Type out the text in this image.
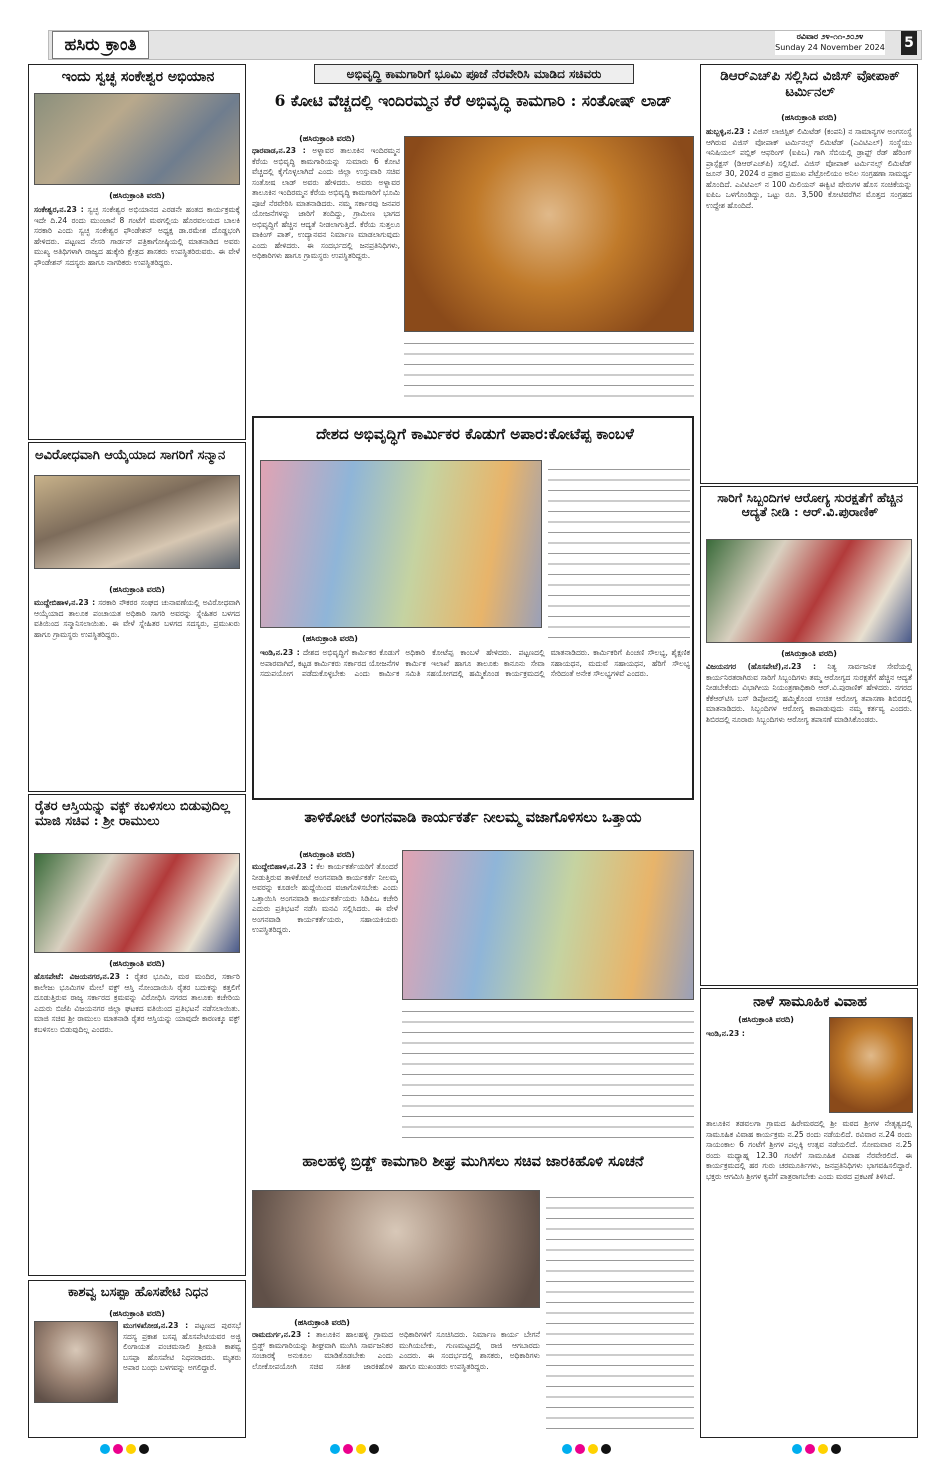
ಹಸಿರು ಕ್ರಾಂತಿ	ರವಿವಾರ ೨೪-೧೧-೨೦೨೪
Sunday 24 November 2024 5
ಇಂದು ಸ್ವಚ್ಛ ಸಂಕೇಶ್ವರ ಅಭಿಯಾನ
(ಹಸಿರುಕ್ರಾಂತಿ ವರದಿ)
ಸಂಕೇಶ್ವರ,ನ.23 : ಸ್ವಚ್ಛ ಸಂಕೇಶ್ವರ ಅಭಿಯಾನದ ಎರಡನೇ ಹಂತದ ಕಾರ್ಯಕ್ರಮಕ್ಕೆ ಇದೇ ದಿ.24 ರಂದು ಮುಂಜಾನೆ 8 ಗಂಟೆಗೆ ಮಠಗಲ್ಲಿಯ ಹೊರವಲಯದ ಬಾಲಕಿ ಸರಕಾರಿ ಎಂದು ಸ್ವಚ್ಛ ಸಂಕೇಶ್ವರ ಫೌಂಡೇಶನ್ ಅಧ್ಯಕ್ಷ ಡಾ.ರಮೇಶ ದೊಡ್ಡಭಂಗಿ ಹೇಳಿದರು. ಪಟ್ಟಣದ ನೇಸರಿ ಗಾರ್ಡನ್ ಪತ್ರಿಕಾಗೋಷ್ಠಿಯಲ್ಲಿ ಮಾತನಾಡಿದ ಅವರು ಮುಖ್ಯ ಅತಿಥಿಗಳಾಗಿ ರಾಜ್ಯದ ಹುಕ್ಕೇರಿ ಕ್ಷೇತ್ರದ ಶಾಸಕರು ಉಪಸ್ಥಿತರಿರುವರು. ಈ ವೇಳೆ ಫೌಂಡೇಶನ್ ಸದಸ್ಯರು ಹಾಗೂ ನಾಗರಿಕರು ಉಪಸ್ಥಿತರಿದ್ದರು.
ಅವಿರೋಧವಾಗಿ ಆಯ್ಕೆಯಾದ ಸಾಗರಿಗೆ ಸನ್ಮಾನ
(ಹಸಿರುಕ್ರಾಂತಿ ವರದಿ)
ಮುದ್ದೇಬಿಹಾಳ,ನ.23 : ಸರಕಾರಿ ನೌಕರರ ಸಂಘದ ಚುನಾವಣೆಯಲ್ಲಿ ಅವಿರೋಧವಾಗಿ ಆಯ್ಕೆಯಾದ ತಾಲೂಕ ಪಂಚಾಯತ ಅಧಿಕಾರಿ ಸಾಗರಿ ಅವರನ್ನು ಸ್ನೇಹಿತರ ಬಳಗದ ವತಿಯಿಂದ ಸನ್ಮಾನಿಸಲಾಯಿತು. ಈ ವೇಳೆ ಸ್ನೇಹಿತರ ಬಳಗದ ಸದಸ್ಯರು, ಪ್ರಮುಖರು ಹಾಗೂ ಗ್ರಾಮಸ್ಥರು ಉಪಸ್ಥಿತರಿದ್ದರು.
ರೈತರ ಆಸ್ತಿಯನ್ನು ವಕ್ಫ್ ಕಬಳಿಸಲು ಬಿಡುವುದಿಲ್ಲ ಮಾಜಿ ಸಚಿವ : ಶ್ರೀ ರಾಮುಲು
(ಹಸಿರುಕ್ರಾಂತಿ ವರದಿ)
ಹೊಸಪೇಟೆ: ವಿಜಯನಗರ,ನ.23 : ರೈತರ ಭೂಮಿ, ಮಠ ಮಂದಿರ, ಸರ್ಕಾರಿ ಕಾಲೇಜು ಭೂಮಿಗಳ ಮೇಲೆ ವಕ್ಫ್ ಆಸ್ತಿ ನೋಂದಾಯಿಸಿ ರೈತರ ಬದುಕನ್ನು ಕತ್ತಲಿಗೆ ದೂಡುತ್ತಿರುವ ರಾಜ್ಯ ಸರ್ಕಾರದ ಕ್ರಮವನ್ನು ವಿರೋಧಿಸಿ ನಗರದ ತಾಲೂಕು ಕಚೇರಿಯ ಎದುರು ಬಿಜೆಪಿ ವಿಜಯನಗರ ಜಿಲ್ಲಾ ಘಟಕದ ವತಿಯಿಂದ ಪ್ರತಿಭಟನೆ ನಡೆಸಲಾಯಿತು. ಮಾಜಿ ಸಚಿವ ಶ್ರೀ ರಾಮುಲು ಮಾತನಾಡಿ ರೈತರ ಆಸ್ತಿಯನ್ನು ಯಾವುದೇ ಕಾರಣಕ್ಕೂ ವಕ್ಫ್ ಕಬಳಿಸಲು ಬಿಡುವುದಿಲ್ಲ ಎಂದರು.
ಕಾಶವ್ವ ಬಸಪ್ಪಾ ಹೊಸಪೇಟಿ ನಿಧನ
(ಹಸಿರುಕ್ರಾಂತಿ ವರದಿ)
ಮುಗಳಖೋಡ,ನ.23 : ಪಟ್ಟಣದ ಪುರಸಭೆ ಸದಸ್ಯ ಪ್ರಕಾಶ ಬಸಪ್ಪ ಹೊಸಪೇಟಿಯವರ ಅಜ್ಜಿ ಲಿಂಗಾಯತ ಪಂಚಮಸಾಲಿ ಶ್ರೀಮತಿ ಕಾಶವ್ವ ಬಸಪ್ಪಾ ಹೊಸಪೇಟಿ ನಿಧನರಾದರು. ಮೃತರು ಅಪಾರ ಬಂಧು ಬಳಗವನ್ನು ಅಗಲಿದ್ದಾರೆ.
ಅಭಿವೃದ್ಧಿ ಕಾಮಗಾರಿಗೆ ಭೂಮಿ ಪೂಜೆ ನೆರವೇರಿಸಿ ಮಾಡಿದ ಸಚಿವರು
6 ಕೋಟಿ ವೆಚ್ಚದಲ್ಲಿ ಇಂದಿರಮ್ಮನ ಕೆರೆ ಅಭಿವೃದ್ಧಿ ಕಾಮಗಾರಿ : ಸಂತೋಷ್ ಲಾಡ್
(ಹಸಿರುಕ್ರಾಂತಿ ವರದಿ)
ಧಾರವಾಡ,ನ.23 : ಅಳ್ನಾವರ ತಾಲೂಕಿನ ಇಂದಿರಮ್ಮನ ಕೆರೆಯ ಅಭಿವೃದ್ಧಿ ಕಾಮಗಾರಿಯನ್ನು ಸುಮಾರು 6 ಕೋಟಿ ವೆಚ್ಚದಲ್ಲಿ ಕೈಗೊಳ್ಳಲಾಗಿದೆ ಎಂದು ಜಿಲ್ಲಾ ಉಸ್ತುವಾರಿ ಸಚಿವ ಸಂತೋಷ ಲಾಡ್ ಅವರು ಹೇಳಿದರು. ಅವರು ಅಳ್ನಾವರ ತಾಲೂಕಿನ ಇಂದಿರಮ್ಮನ ಕೆರೆಯ ಅಭಿವೃದ್ಧಿ ಕಾಮಗಾರಿಗೆ ಭೂಮಿ ಪೂಜೆ ನೆರವೇರಿಸಿ ಮಾತನಾಡಿದರು. ನಮ್ಮ ಸರ್ಕಾರವು ಜನಪರ ಯೋಜನೆಗಳನ್ನು ಜಾರಿಗೆ ತಂದಿದ್ದು, ಗ್ರಾಮೀಣ ಭಾಗದ ಅಭಿವೃದ್ಧಿಗೆ ಹೆಚ್ಚಿನ ಆದ್ಯತೆ ನೀಡಲಾಗುತ್ತಿದೆ. ಕೆರೆಯ ಸುತ್ತಲೂ ವಾಕಿಂಗ್ ಪಾತ್, ಉದ್ಯಾನವನ ನಿರ್ಮಾಣ ಮಾಡಲಾಗುವುದು ಎಂದು ಹೇಳಿದರು. ಈ ಸಂದರ್ಭದಲ್ಲಿ ಜನಪ್ರತಿನಿಧಿಗಳು, ಅಧಿಕಾರಿಗಳು ಹಾಗೂ ಗ್ರಾಮಸ್ಥರು ಉಪಸ್ಥಿತರಿದ್ದರು.
ದೇಶದ ಅಭಿವೃದ್ಧಿಗೆ ಕಾರ್ಮಿಕರ ಕೊಡುಗೆ ಅಪಾರ:ಕೋಟೆಪ್ಪ ಕಾಂಬಳೆ
(ಹಸಿರುಕ್ರಾಂತಿ ವರದಿ)
ಇಂಡಿ,ನ.23 : ದೇಶದ ಅಭಿವೃದ್ಧಿಗೆ ಕಾರ್ಮಿಕರ ಕೊಡುಗೆ ಅಪಾರವಾಗಿದೆ, ಕಟ್ಟಡ ಕಾರ್ಮಿಕರು ಸರ್ಕಾರದ ಯೋಜನೆಗಳ ಸದುಪಯೋಗ ಪಡೆದುಕೊಳ್ಳಬೇಕು ಎಂದು ಕಾರ್ಮಿಕ ಅಧಿಕಾರಿ ಕೋಟೆಪ್ಪ ಕಾಂಬಳೆ ಹೇಳಿದರು. ಪಟ್ಟಣದಲ್ಲಿ ಕಾರ್ಮಿಕ ಇಲಾಖೆ ಹಾಗೂ ತಾಲೂಕು ಕಾನೂನು ಸೇವಾ ಸಮಿತಿ ಸಹಯೋಗದಲ್ಲಿ ಹಮ್ಮಿಕೊಂಡ ಕಾರ್ಯಕ್ರಮದಲ್ಲಿ ಮಾತನಾಡಿದರು. ಕಾರ್ಮಿಕರಿಗೆ ಪಿಂಚಣಿ ಸೌಲಭ್ಯ, ಶೈಕ್ಷಣಿಕ ಸಹಾಯಧನ, ಮದುವೆ ಸಹಾಯಧನ, ಹೆರಿಗೆ ಸೌಲಭ್ಯ ಸೇರಿದಂತೆ ಅನೇಕ ಸೌಲಭ್ಯಗಳಿವೆ ಎಂದರು.
ತಾಳಿಕೋಟೆ ಅಂಗನವಾಡಿ ಕಾರ್ಯಕರ್ತೆ ನೀಲಮ್ಮ ವಜಾಗೊಳಿಸಲು ಒತ್ತಾಯ
(ಹಸಿರುಕ್ರಾಂತಿ ವರದಿ)
ಮುದ್ದೇಬಿಹಾಳ,ನ.23 : ಕೆಲ ಕಾರ್ಯಕರ್ತೆಯರಿಗೆ ತೊಂದರೆ ನೀಡುತ್ತಿರುವ ತಾಳಿಕೋಟೆ ಅಂಗನವಾಡಿ ಕಾರ್ಯಕರ್ತೆ ನೀಲಮ್ಮ ಅವರನ್ನು ಕೂಡಲೇ ಹುದ್ದೆಯಿಂದ ವಜಾಗೊಳಿಸಬೇಕು ಎಂದು ಒತ್ತಾಯಿಸಿ ಅಂಗನವಾಡಿ ಕಾರ್ಯಕರ್ತೆಯರು ಸಿಡಿಪಿಒ ಕಚೇರಿ ಎದುರು ಪ್ರತಿಭಟನೆ ನಡೆಸಿ ಮನವಿ ಸಲ್ಲಿಸಿದರು. ಈ ವೇಳೆ ಅಂಗನವಾಡಿ ಕಾರ್ಯಕರ್ತೆಯರು, ಸಹಾಯಕಿಯರು ಉಪಸ್ಥಿತರಿದ್ದರು.
ಹಾಲಹಳ್ಳಿ ಬ್ರಿಡ್ಜ್ ಕಾಮಗಾರಿ ಶೀಘ್ರ ಮುಗಿಸಲು ಸಚಿವ ಜಾರಕಿಹೊಳಿ ಸೂಚನೆ
(ಹಸಿರುಕ್ರಾಂತಿ ವರದಿ)
ರಾಮದುರ್ಗ,ನ.23 : ತಾಲೂಕಿನ ಹಾಲಹಳ್ಳಿ ಗ್ರಾಮದ ಬ್ರಿಡ್ಜ್ ಕಾಮಗಾರಿಯನ್ನು ಶೀಘ್ರವಾಗಿ ಮುಗಿಸಿ ಸಾರ್ವಜನಿಕರ ಸಂಚಾರಕ್ಕೆ ಅನುಕೂಲ ಮಾಡಿಕೊಡಬೇಕು ಎಂದು ಲೋಕೋಪಯೋಗಿ ಸಚಿವ ಸತೀಶ ಜಾರಕಿಹೊಳಿ ಅಧಿಕಾರಿಗಳಿಗೆ ಸೂಚಿಸಿದರು. ನಿರ್ಮಾಣ ಕಾರ್ಯ ಬೇಗನೆ ಮುಗಿಯಬೇಕು, ಗುಣಮಟ್ಟದಲ್ಲಿ ರಾಜಿ ಆಗಬಾರದು ಎಂದರು. ಈ ಸಂದರ್ಭದಲ್ಲಿ ಶಾಸಕರು, ಅಧಿಕಾರಿಗಳು ಹಾಗೂ ಮುಖಂಡರು ಉಪಸ್ಥಿತರಿದ್ದರು.
ಡಿಆರ್‌ಎಚ್‌ಪಿ ಸಲ್ಲಿಸಿದ ವಿಜಿಸ್ ವೋಪಾಕ್ ಟರ್ಮಿನಲ್
(ಹಸಿರುಕ್ರಾಂತಿ ವರದಿ)
ಹುಬ್ಬಳ್ಳಿ,ನ.23 : ವಿಜಿಸ್ ಲಾಜಿಸ್ಟಿಕ್ ಲಿಮಿಟೆಡ್ (ಕಂಪನಿ) ನ ಸಾಮಾನ್ಯಗಳ ಅಂಗಸಂಸ್ಥೆ ಆಗಿರುವ ವಿಜಿಸ್ ವೋಪಾಕ್ ಟರ್ಮಿನಲ್ಸ್ ಲಿಮಿಟೆಡ್ (ಎವಿಟಿಎಲ್) ಸಂಸ್ಥೆಯು ಇನಿಷಿಯಲ್ ಪಬ್ಲಿಕ್ ಆಫರಿಂಗ್ (ಐಪಿಒ) ಗಾಗಿ ಸೆಬಿಯಲ್ಲಿ ಡ್ರಾಫ್ಟ್ ರೆಡ್ ಹೆರಿಂಗ್ ಪ್ರಾಸ್ಪೆಕ್ಟಸ್ (ಡಿಆರ್‌ಎಚ್‌ಪಿ) ಸಲ್ಲಿಸಿದೆ. ವಿಜಿಸ್ ವೋಪಾಕ್ ಟರ್ಮಿನಲ್ಸ್ ಲಿಮಿಟೆಡ್ ಜೂನ್ 30, 2024 ರ ಪ್ರಕಾರ ಪ್ರಮುಖ ಪೆಟ್ರೋಲಿಯಂ ಅನಿಲ ಸಂಗ್ರಹಣಾ ಸಾಮರ್ಥ್ಯ ಹೊಂದಿದೆ. ಎವಿಟಿಎಲ್ ನ 100 ಮಿಲಿಯನ್ ಈಕ್ವಿಟಿ ಷೇರುಗಳ ಹೊಸ ಸಂಚಿಕೆಯನ್ನು ಐಪಿಒ ಒಳಗೊಂಡಿದ್ದು, ಒಟ್ಟು ರೂ. 3,500 ಕೋಟಿವರೆಗಿನ ಮೊತ್ತದ ಸಂಗ್ರಹದ ಉದ್ದೇಶ ಹೊಂದಿದೆ.
ಸಾರಿಗೆ ಸಿಬ್ಬಂದಿಗಳ ಆರೋಗ್ಯ ಸುರಕ್ಷತೆಗೆ ಹೆಚ್ಚಿನ ಆದ್ಯತೆ ನೀಡಿ : ಆರ್.ವಿ.ಪುರಾಣಿಕ್
(ಹಸಿರುಕ್ರಾಂತಿ ವರದಿ)
ವಿಜಯನಗರ (ಹೊಸಪೇಟೆ),ನ.23 : ನಿತ್ಯ ಸಾರ್ವಜನಿಕ ಸೇವೆಯಲ್ಲಿ ಕಾರ್ಯನಿರತರಾಗಿರುವ ಸಾರಿಗೆ ಸಿಬ್ಬಂದಿಗಳು ತಮ್ಮ ಆರೋಗ್ಯದ ಸುರಕ್ಷತೆಗೆ ಹೆಚ್ಚಿನ ಆದ್ಯತೆ ನೀಡಬೇಕೆಂದು ವಿಭಾಗೀಯ ನಿಯಂತ್ರಣಾಧಿಕಾರಿ ಆರ್.ವಿ.ಪುರಾಣಿಕ್ ಹೇಳಿದರು. ನಗರದ ಕೆಕೆಆರ್‌ಟಿಸಿ ಬಸ್ ಡಿಪೋದಲ್ಲಿ ಹಮ್ಮಿಕೊಂಡ ಉಚಿತ ಆರೋಗ್ಯ ತಪಾಸಣಾ ಶಿಬಿರದಲ್ಲಿ ಮಾತನಾಡಿದರು. ಸಿಬ್ಬಂದಿಗಳ ಆರೋಗ್ಯ ಕಾಪಾಡುವುದು ನಮ್ಮ ಕರ್ತವ್ಯ ಎಂದರು. ಶಿಬಿರದಲ್ಲಿ ನೂರಾರು ಸಿಬ್ಬಂದಿಗಳು ಆರೋಗ್ಯ ತಪಾಸಣೆ ಮಾಡಿಸಿಕೊಂಡರು.
ನಾಳೆ ಸಾಮೂಹಿಕ ವಿವಾಹ
(ಹಸಿರುಕ್ರಾಂತಿ ವರದಿ)
ಇಂಡಿ,ನ.23 :
ತಾಲೂಕಿನ ತಡವಲಗಾ ಗ್ರಾಮದ ಹಿರೇಮಠದಲ್ಲಿ ಶ್ರೀ ಮಠದ ಶ್ರೀಗಳ ನೇತೃತ್ವದಲ್ಲಿ ಸಾಮೂಹಿಕ ವಿವಾಹ ಕಾರ್ಯಕ್ರಮ ನ.25 ರಂದು ನಡೆಯಲಿದೆ. ರವಿವಾರ ನ.24 ರಂದು ಸಾಯಂಕಾಲ 6 ಗಂಟೆಗೆ ಶ್ರೀಗಳ ಪಲ್ಲಕ್ಕಿ ಉತ್ಸವ ನಡೆಯಲಿದೆ. ಸೋಮವಾರ ನ.25 ರಂದು ಮಧ್ಯಾಹ್ನ 12.30 ಗಂಟೆಗೆ ಸಾಮೂಹಿಕ ವಿವಾಹ ನೆರವೇರಲಿದೆ. ಈ ಕಾರ್ಯಕ್ರಮದಲ್ಲಿ ಹರ ಗುರು ಚರಮೂರ್ತಿಗಳು, ಜನಪ್ರತಿನಿಧಿಗಳು ಭಾಗವಹಿಸಲಿದ್ದಾರೆ. ಭಕ್ತರು ಆಗಮಿಸಿ ಶ್ರೀಗಳ ಕೃಪೆಗೆ ಪಾತ್ರರಾಗಬೇಕು ಎಂದು ಮಠದ ಪ್ರಕಟಣೆ ತಿಳಿಸಿದೆ.
